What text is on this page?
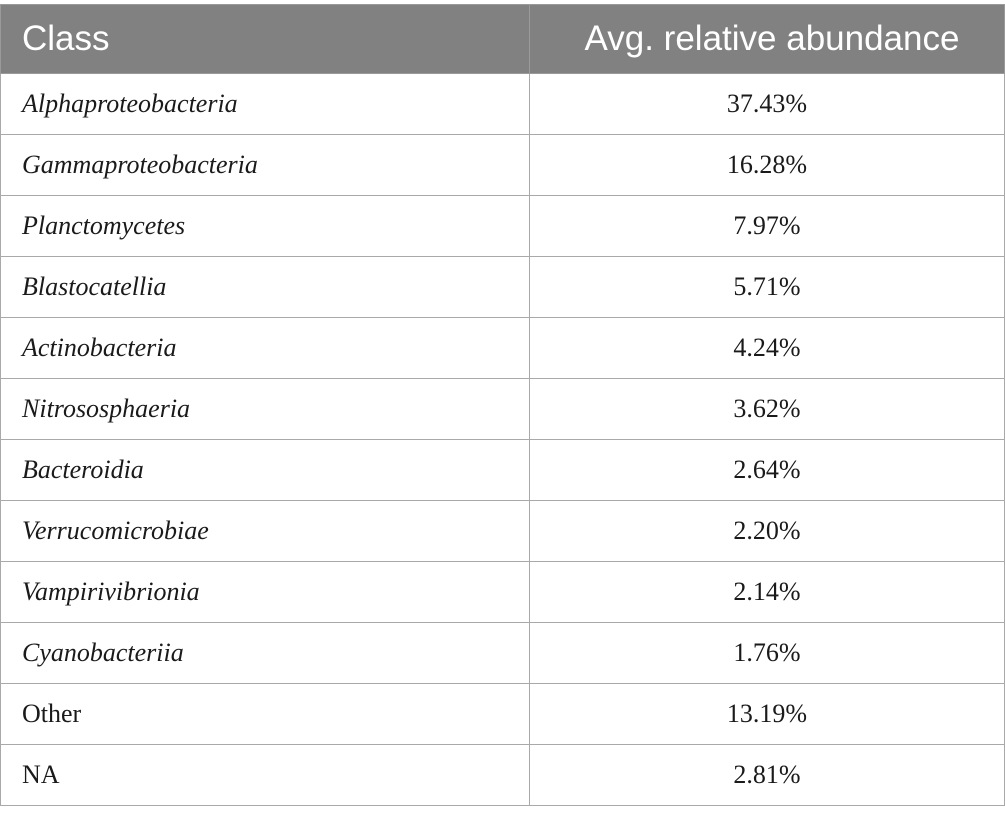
Class	Avg. relative abundance
Alphaproteobacteria	37.43%
Gammaproteobacteria	16.28%
Planctomycetes	7.97%
Blastocatellia	5.71%
Actinobacteria	4.24%
Nitrososphaeria	3.62%
Bacteroidia	2.64%
Verrucomicrobiae	2.20%
Vampirivibrionia	2.14%
Cyanobacteriia	1.76%
Other	13.19%
NA	2.81%
